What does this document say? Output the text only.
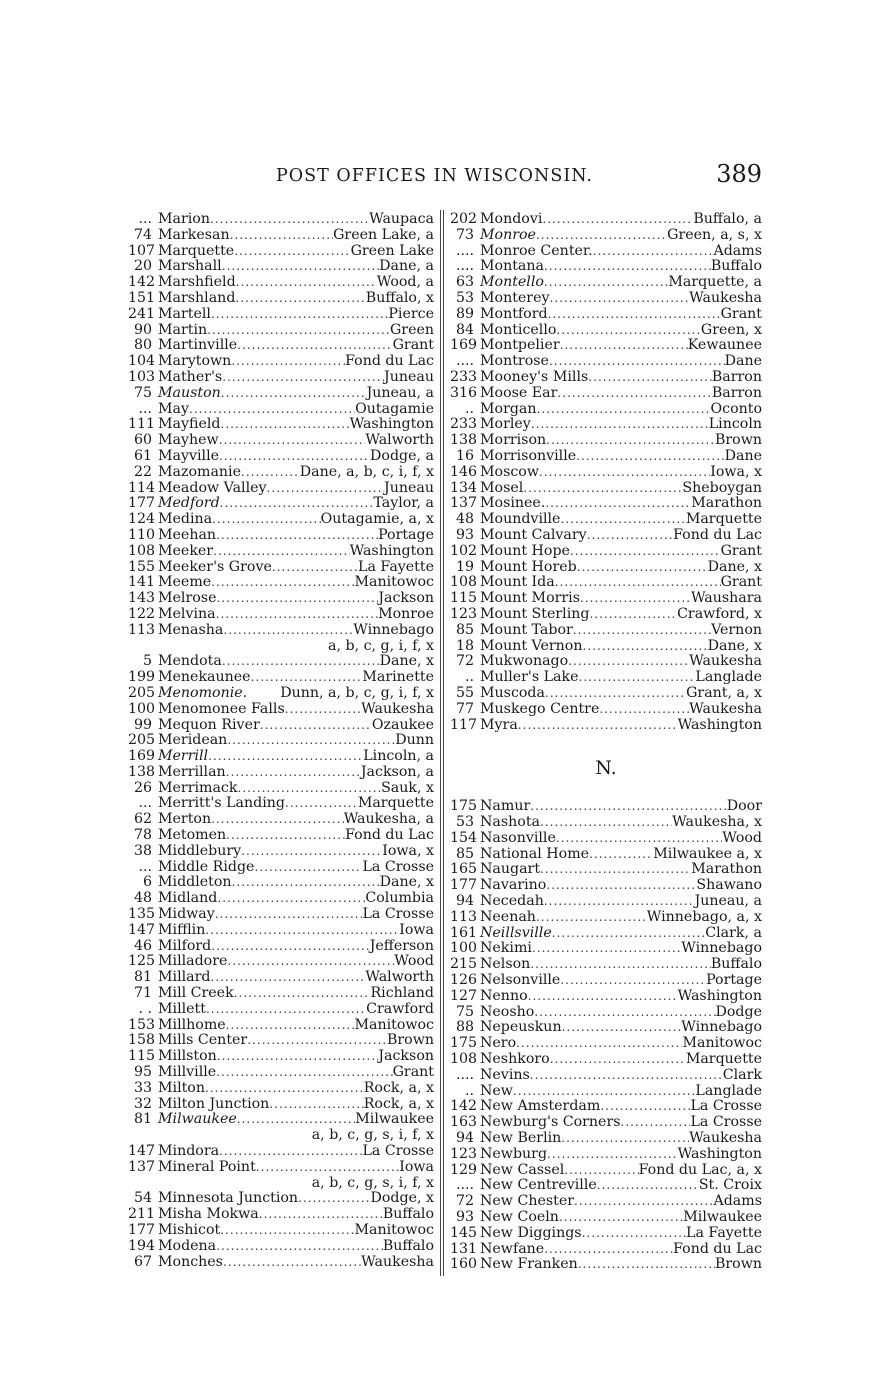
POST OFFICES IN WISCONSIN.	389
... Marion . . .	Waupaca
74 Markesan . . .	Green Lake, a
107 Marquette . . .	Green Lake
20 Marshall . . .	Dane, a
142 Marshfield . . .	Wood, a
151 Marshland . . .	Buffalo, x
241 Martell . . .	Pierce
90 Martin . . .	Green
80 Martinville . . .	Grant
104 Marytown . . .	Fond du Lac
103 Mather's . . .	Juneau
75 Mauston . . .	Juneau, a
... May . . .	Outagamie
111 Mayfield . . .	Washington
60 Mayhew . . .	Walworth
61 Mayville . . .	Dodge, a
22 Mazomanie . . .	Dane, a, b, c, i, f, x
114 Meadow Valley . . .	Juneau
177 Medford . . .	Taylor, a
124 Medina . . .	Outagamie, a, x
110 Meehan . . .	Portage
108 Meeker . . .	Washington
155 Meeker's Grove . . .	La Fayette
141 Meeme . . .	Manitowoc
143 Melrose . . .	Jackson
122 Melvina . . .	Monroe
113 Menasha . . .	Winnebago
a, b, c, g, i, f, x
5 Mendota . . .	Dane, x
199 Menekaunee . . .	Marinette
205 Menomonie. Dunn, a, b, c, g, i, f, x
100 Menomonee Falls . . .	Waukesha
99 Mequon River . . .	Ozaukee
205 Meridean . . .	Dunn
169 Merrill . . .	Lincoln, a
138 Merrillan . . .	Jackson, a
26 Merrimack . . .	Sauk, x
... Merritt's Landing . . .	Marquette
62 Merton . . .	Waukesha, a
78 Metomen . . .	Fond du Lac
38 Middlebury . . .	Iowa, x
... Middle Ridge . . .	La Crosse
6 Middleton . . .	Dane, x
48 Midland . . .	Columbia
135 Midway . . .	La Crosse
147 Mifflin . . .	Iowa
46 Milford . . .	Jefferson
125 Milladore . . .	Wood
81 Millard . . .	Walworth
71 Mill Creek . . .	Richland
. . Millett . . .	Crawford
153 Millhome . . .	Manitowoc
158 Mills Center . . .	Brown
115 Millston . . .	Jackson
95 Millville . . .	Grant
33 Milton . . .	Rock, a, x
32 Milton Junction . . .	Rock, a, x
81 Milwaukee . . .	Milwaukee
a, b, c, g, s, i, f, x
147 Mindora . . .	La Crosse
137 Mineral Point . . .	Iowa
a, b, c, g, s, i, f, x
54 Minnesota Junction . . .	Dodge, x
211 Misha Mokwa . . .	Buffalo
177 Mishicot . . .	Manitowoc
194 Modena . . .	Buffalo
67 Monches . . .	Waukesha
202 Mondovi . . .	Buffalo, a
73 Monroe . . .	Green, a, s, x
.... Monroe Center. . . .	Adams
.... Montana . . .	Buffalo
63 Montello . . .	Marquette, a
53 Monterey . . .	Waukesha
89 Montford . . .	Grant
84 Monticello . . .	Green, x
169 Montpelier . . .	Kewaunee
.... Montrose . . .	Dane
233 Mooney's Mills . . .	Barron
316 Moose Ear . . .	Barron
.. Morgan . . .	Oconto
233 Morley . . .	Lincoln
138 Morrison . . .	Brown
16 Morrisonville . . .	Dane
146 Moscow . . .	Iowa, x
134 Mosel . . .	Sheboygan
137 Mosinee. . . .	Marathon
48 Moundville . . .	Marquette
93 Mount Calvary . . .	Fond du Lac
102 Mount Hope . . .	Grant
19 Mount Horeb . . .	Dane, x
108 Mount Ida . . .	Grant
115 Mount Morris . . .	Waushara
123 Mount Sterling . . .	Crawford, x
85 Mount Tabor . . .	Vernon
18 Mount Vernon . . .	Dane, x
72 Mukwonago . . .	Waukesha
.. Muller's Lake . . .	Langlade
55 Muscoda . . .	Grant, a, x
77 Muskego Centre . . .	Waukesha
117 Myra . . .	Washington
N.
175 Namur . . .	Door
53 Nashota . . .	Waukesha, x
154 Nasonville . . .	Wood
85 National Home . . .	Milwaukee a, x
165 Naugart . . .	Marathon
177 Navarino . . .	Shawano
94 Necedah . . .	Juneau, a
113 Neenah . . .	Winnebago, a, x
161 Neillsville . . .	Clark, a
100 Nekimi . . .	Winnebago
215 Nelson . . .	Buffalo
126 Nelsonville . . .	Portage
127 Nenno . . .	Washington
75 Neosho . . .	Dodge
88 Nepeuskun . . .	Winnebago
175 Nero . . .	Manitowoc
108 Neshkoro . . .	Marquette
.... Nevins . . .	Clark
.. New . . .	Langlade
142 New Amsterdam . . .	La Crosse
163 Newburg's Corners . . .	La Crosse
94 New Berlin . . .	Waukesha
123 Newburg . . .	Washington
129 New Cassel . . .	Fond du Lac, a, x
.... New Centreville . . .	St. Croix
72 New Chester . . .	Adams
93 New Coeln . . .	Milwaukee
145 New Diggings . . .	La Fayette
131 Newfane . . .	Fond du Lac
160 New Franken . . .	Brown
